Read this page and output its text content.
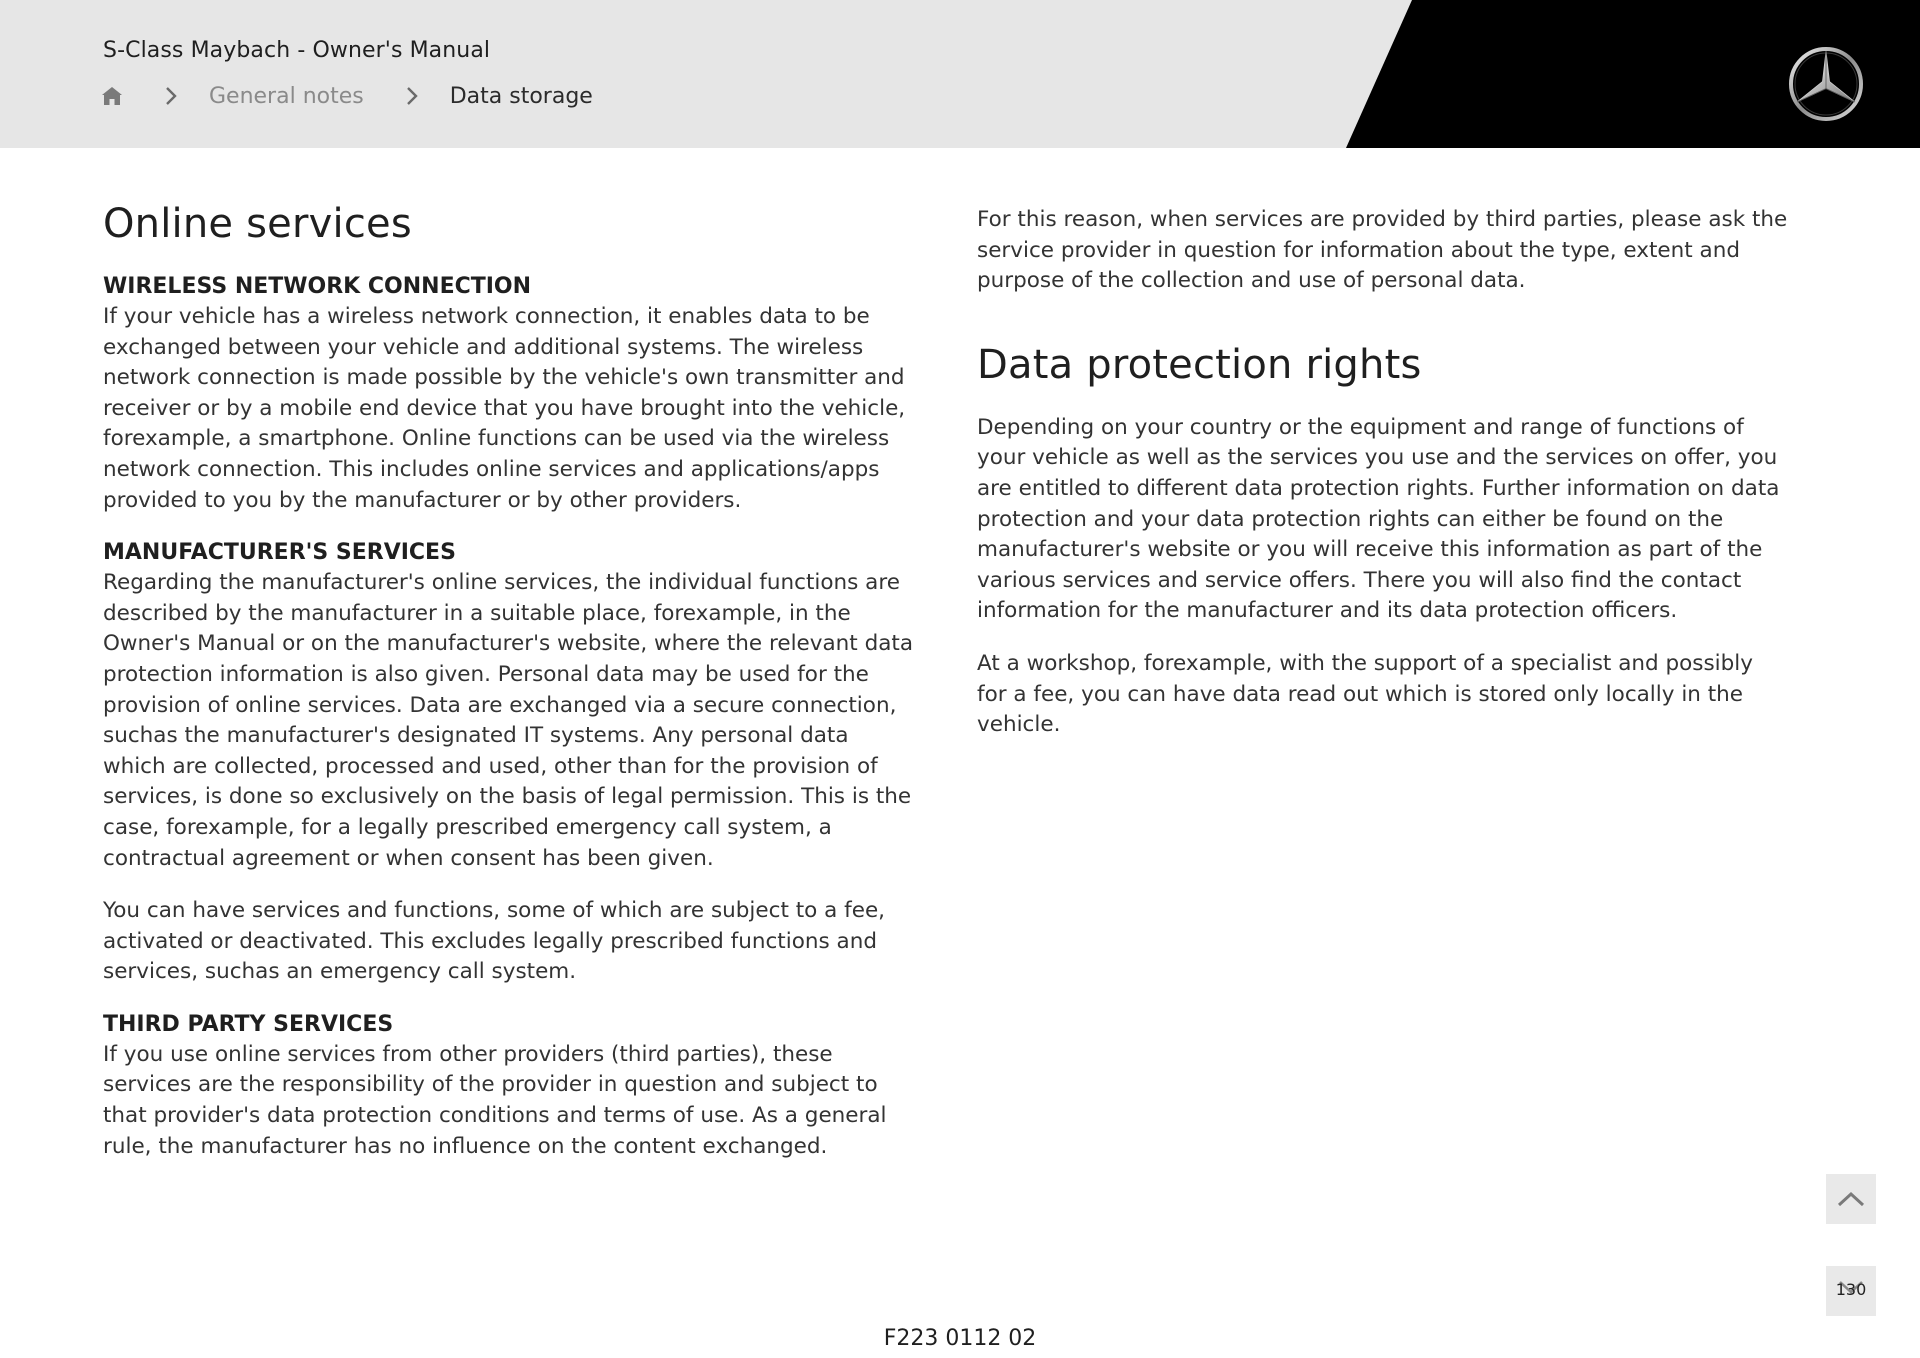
S-Class Maybach - Owner's Manual
General notes	Data storage
Online services
WIRELESS NETWORK CONNECTION

If your vehicle has a wireless network connection, it enables data to be exchanged between your vehicle and additional systems. The wireless network connection is made possible by the vehicle's own transmitter and receiver or by a mobile end device that you have brought into the vehicle, forexample, a smartphone. Online functions can be used via the wireless network connection. This includes online services and applications/apps provided to you by the manufacturer or by other providers.

MANUFACTURER'S SERVICES

Regarding the manufacturer's online services, the individual functions are described by the manufacturer in a suitable place, forexample, in the Owner's Manual or on the manufacturer's website, where the relevant data protection information is also given. Personal data may be used for the provision of online services. Data are exchanged via a secure connection, suchas the manufacturer's designated IT systems. Any personal data which are collected, processed and used, other than for the provision of services, is done so exclusively on the basis of legal permission. This is the case, forexample, for a legally prescribed emergency call system, a contractual agreement or when consent has been given.

You can have services and functions, some of which are subject to a fee, activated or deactivated. This excludes legally prescribed functions and services, suchas an emergency call system.

THIRD PARTY SERVICES

If you use online services from other providers (third parties), these services are the responsibility of the provider in question and subject to that provider's data protection conditions and terms of use. As a general rule, the manufacturer has no influence on the content exchanged.

For this reason, when services are provided by third parties, please ask the service provider in question for information about the type, extent and purpose of the collection and use of personal data.

Data protection rights

Depending on your country or the equipment and range of functions of your vehicle as well as the services you use and the services on offer, you are entitled to different data protection rights. Further information on data protection and your data protection rights can either be found on the manufacturer's website or you will receive this information as part of the various services and service offers. There you will also find the contact information for the manufacturer and its data protection officers.

At a workshop, forexample, with the support of a specialist and possibly for a fee, you can have data read out which is stored only locally in the vehicle.

130
F223 0112 02
